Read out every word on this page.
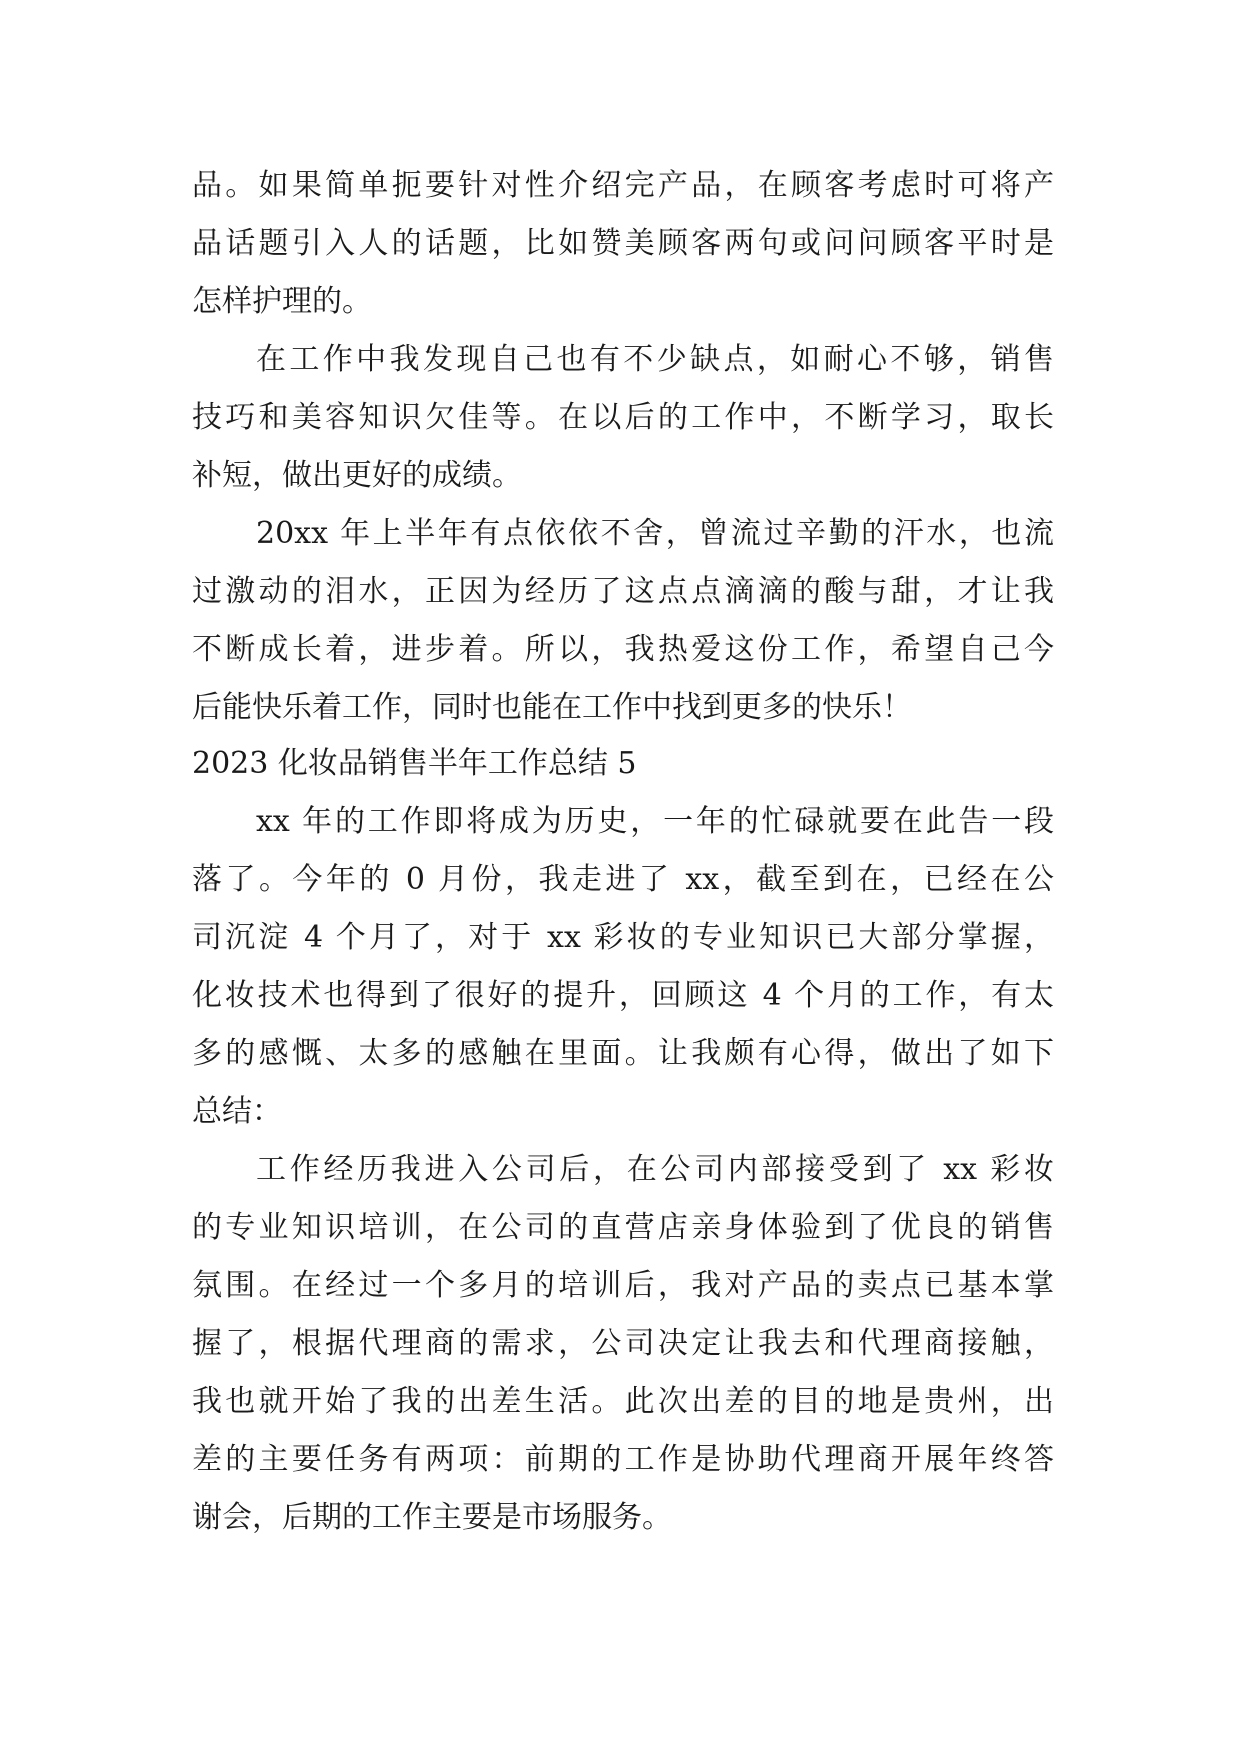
品。如果简单扼要针对性介绍完产品，在顾客考虑时可将产
品话题引入人的话题，比如赞美顾客两句或问问顾客平时是
怎样护理的。
在工作中我发现自己也有不少缺点，如耐心不够，销售
技巧和美容知识欠佳等。在以后的工作中，不断学习，取长
补短，做出更好的成绩。
20xx 年上半年有点依依不舍，曾流过辛勤的汗水，也流
过激动的泪水，正因为经历了这点点滴滴的酸与甜，才让我
不断成长着，进步着。所以，我热爱这份工作，希望自己今
后能快乐着工作，同时也能在工作中找到更多的快乐！
2023 化妆品销售半年工作总结 5
xx 年的工作即将成为历史，一年的忙碌就要在此告一段
落了。今年的 0 月份，我走进了 xx，截至到在，已经在公
司沉淀 4 个月了，对于 xx 彩妆的专业知识已大部分掌握，
化妆技术也得到了很好的提升，回顾这 4 个月的工作，有太
多的感慨、太多的感触在里面。让我颇有心得，做出了如下
总结：
工作经历我进入公司后，在公司内部接受到了 xx 彩妆
的专业知识培训，在公司的直营店亲身体验到了优良的销售
氛围。在经过一个多月的培训后，我对产品的卖点已基本掌
握了，根据代理商的需求，公司决定让我去和代理商接触，
我也就开始了我的出差生活。此次出差的目的地是贵州，出
差的主要任务有两项：前期的工作是协助代理商开展年终答
谢会，后期的工作主要是市场服务。
